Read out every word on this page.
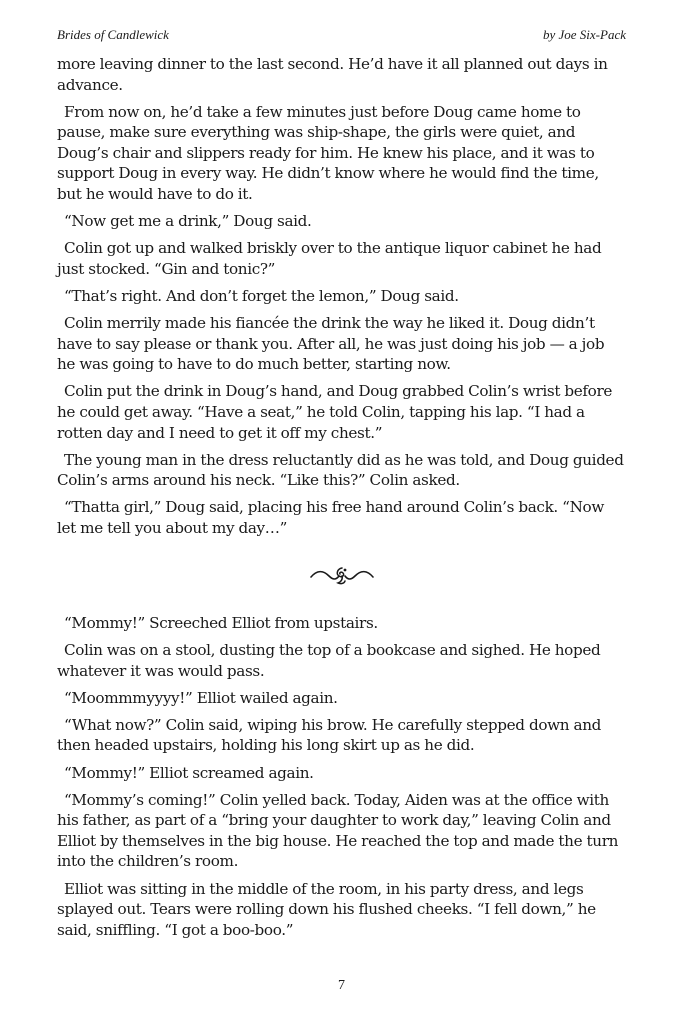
Brides of Candlewick	by Joe Six-Pack

more leaving dinner to the last second. He’d have it all planned out days in advance.

From now on, he’d take a few minutes just before Doug came home to pause, make sure everything was ship-shape, the girls were quiet, and Doug’s chair and slippers ready for him. He knew his place, and it was to support Doug in every way. He didn’t know where he would find the time, but he would have to do it.

“Now get me a drink,” Doug said.

Colin got up and walked briskly over to the antique liquor cabinet he had just stocked. “Gin and tonic?”

“That’s right. And don’t forget the lemon,” Doug said.

Colin merrily made his fiancée the drink the way he liked it. Doug didn’t have to say please or thank you. After all, he was just doing his job — a job he was going to have to do much better, starting now.

Colin put the drink in Doug’s hand, and Doug grabbed Colin’s wrist before he could get away. “Have a seat,” he told Colin, tapping his lap. “I had a rotten day and I need to get it off my chest.”

The young man in the dress reluctantly did as he was told, and Doug guided Colin’s arms around his neck. “Like this?” Colin asked.

“Thatta girl,” Doug said, placing his free hand around Colin’s back. “Now let me tell you about my day…”

“Mommy!” Screeched Elliot from upstairs.

Colin was on a stool, dusting the top of a bookcase and sighed. He hoped whatever it was would pass.

“Moommmyyyy!” Elliot wailed again.

“What now?” Colin said, wiping his brow. He carefully stepped down and then headed upstairs, holding his long skirt up as he did.

“Mommy!” Elliot screamed again.

“Mommy’s coming!” Colin yelled back. Today, Aiden was at the office with his father, as part of a “bring your daughter to work day,” leaving Colin and Elliot by themselves in the big house. He reached the top and made the turn into the children’s room.

Elliot was sitting in the middle of the room, in his party dress, and legs splayed out. Tears were rolling down his flushed cheeks. “I fell down,” he said, sniffling. “I got a boo-boo.”

7
